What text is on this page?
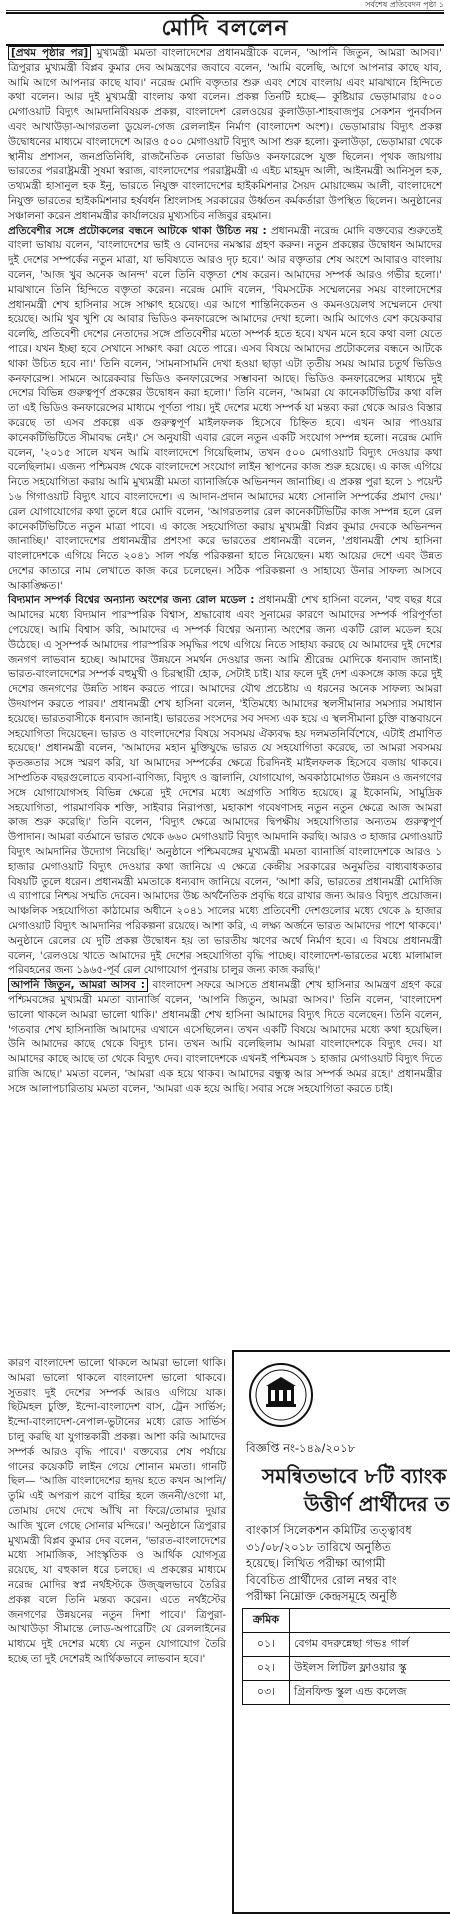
সর্বশেষ প্রতিবেদন পৃষ্ঠা ১
মোদি বললেন

[প্রথম পৃষ্ঠার পর] মুখ্যমন্ত্রী মমতা বাংলাদেশের প্রধানমন্ত্রীকে বলেন, 'আপনি জিতুন, আমরা আসব।' ত্রিপুরার মুখ্যমন্ত্রী বিপ্লব কুমার দেব আমন্ত্রণের জবাবে বলেন, 'আমি বলেছি, আগে আপনার কাছে যাব, আমি আগে আপনার কাছে যাব।' নরেন্দ্র মোদি বক্তৃতার শুরু এবং শেষে বাংলায় এবং মাঝখানে হিন্দিতে কথা বলেন। আর দুই মুখ্যমন্ত্রী বাংলায় কথা বলেন। প্রকল্প তিনটি হচ্ছে— কুষ্টিয়ার ভেড়ামারায় ৫০০ মেগাওয়াট বিদ্যুৎ আমদানিবিষয়ক প্রকল্প, বাংলাদেশ রেলওয়ের কুলাউড়া-শাহবাজপুর সেকশন পুনর্বাসন এবং আখাউড়া-আগরতলা ডুয়েল-গেজ রেললাইন নির্মাণ (বাংলাদেশ অংশ)। ভেড়ামারায় বিদ্যুৎ প্রকল্প উদ্বোধনের মাধ্যমে বাংলাদেশে আরও ৫০০ মেগাওয়াট বিদ্যুৎ আসা শুরু হলো। কুলাউড়া, ভেড়ামারা থেকে স্থানীয় প্রশাসন, জনপ্রতিনিধি, রাজনৈতিক নেতারা ভিডিও কনফারেন্সে যুক্ত ছিলেন। পৃথক জায়গায় ভারতের পররাষ্ট্রমন্ত্রী সুষমা স্বরাজ, বাংলাদেশের পররাষ্ট্রমন্ত্রী এ এইচ মাহমুদ আলী, আইনমন্ত্রী আনিসুল হক, তথ্যমন্ত্রী হাসানুল হক ইনু, ভারতে নিযুক্ত বাংলাদেশের হাইকমিশনার সৈয়দ মোয়াজ্জেম আলী, বাংলাদেশে নিযুক্ত ভারতের হাইকমিশনার হর্ষবর্ধন শ্রিংলাসহ সরকারের উর্ধ্বতন কর্মকর্তারা উপস্থিত ছিলেন। অনুষ্ঠানের সঞ্চালনা করেন প্রধানমন্ত্রীর কার্যালয়ের মুখ্যসচিব নজিবুর রহমান।

প্রতিবেশীর সঙ্গে প্রটোকলের বন্ধনে আটকে থাকা উচিত নয় : প্রধানমন্ত্রী নরেন্দ্র মোদি বক্তব্যের শুরুতেই বাংলা ভাষায় বলেন, 'বাংলাদেশের ভাই ও বোনদের নমস্কার গ্রহণ করুন। নতুন প্রকল্পের উদ্বোধন আমাদের দুই দেশের সম্পর্কের নতুন মাত্রা, যা ভবিষ্যতে আরও দৃঢ় হবে।' আর বক্তৃতার শেষ অংশে আবারও বাংলায় বলেন, 'আজ খুব অনেক আনন্দ' বলে তিনি বক্তৃতা শেষ করেন। আমাদের সম্পর্ক আরও গভীর হলো।' মাঝখানে তিনি হিন্দিতে বক্তৃতা করেন। নরেন্দ্র মোদি বলেন, 'বিমসটেক সম্মেলনের সময় বাংলাদেশের প্রধানমন্ত্রী শেখ হাসিনার সঙ্গে সাক্ষাৎ হয়েছে। এর আগে শান্তিনিকেতন ও কমনওয়েলথ সম্মেলনে দেখা হয়েছে। আমি খুব খুশি যে আবার ভিডিও কনফারেন্সে আমাদের দেখা হলো। আমি আগেও বেশ কয়েকবার বলেছি, প্রতিবেশী দেশের নেতাদের সঙ্গে প্রতিবেশীর মতো সম্পর্ক হতে হবে। যখন মনে হবে কথা বলা যেতে পারে। যখন ইচ্ছা হবে সেখানে সাক্ষাৎ করা যেতে পারে। এসব বিষয়ে আমাদের প্রটোকলের বন্ধনে আটকে থাকা উচিত হবে না।' তিনি বলেন, 'সামনাসামনি দেখা হওয়া ছাড়া এটা তৃতীয় সময় আমার চতুর্থ ভিডিও কনফারেন্স। সামনে আরেকবার ভিডিও কনফারেন্সের সম্ভাবনা আছে। ভিডিও কনফারেন্সের মাধ্যমে দুই দেশের বিভিন্ন গুরুত্বপূর্ণ প্রকল্পের উদ্বোধন করা হলো।' তিনি বলেন, 'আমরা যে কানেকটিভিটির কথা বলি তা এই ভিডিও কনফারেন্সের মাধ্যমে পূর্ণতা পায়। দুই দেশের মধ্যে সম্পর্ক যা মন্তব্য করা থেকে আরও বিস্তার করেছে তা এসব প্রকল্পে এক গুরুত্বপূর্ণ মাইলফলক হিসেবে চিহ্নিত হবে। এখন আর পাওয়ার কানেকটিভিটিতে সীমাবদ্ধ নেই।' সে অনুযায়ী এবার রেলে নতুন একটি সংযোগ সম্পন্ন হলো। নরেন্দ্র মোদি বলেন, '২০১৫ সালে যখন আমি বাংলাদেশে গিয়েছিলাম, তখন ৫০০ মেগাওয়াট বিদ্যুৎ দেওয়ার কথা বলেছিলাম। এজন্য পশ্চিমবঙ্গ থেকে বাংলাদেশে সংযোগ লাইন স্থাপনের কাজ শুরু হয়েছে। এ কাজ এগিয়ে নিতে সহযোগিতা করায় আমি মুখ্যমন্ত্রী মমতা ব্যানার্জিকে অভিনন্দন জানাচ্ছি। এ প্রকল্প পুরা হলে ১ পয়েন্ট ১৬ গিগাওয়াট বিদ্যুৎ যাবে বাংলাদেশে। এ আদান-প্রদান আমাদের মধ্যে সোনালি সম্পর্কের প্রমাণ দেয়।' রেল যোগাযোগের কথা তুলে ধরে মোদি বলেন, 'আগরতলার রেল কানেকটিভিটির কাজ সম্পন্ন হলে রেল কানেকটিভিটিতে নতুন মাত্রা পাবে। এ কাজে সহযোগিতা করায় মুখ্যমন্ত্রী বিপ্লব কুমার দেবকে অভিনন্দন জানাচ্ছি।' বাংলাদেশের প্রধানমন্ত্রীর প্রশংসা করে ভারতের প্রধানমন্ত্রী বলেন, 'প্রধানমন্ত্রী শেখ হাসিনা বাংলাদেশকে এগিয়ে নিতে ২০৪১ সাল পর্যন্ত পরিকল্পনা হাতে নিয়েছেন। মধ্য আয়ের দেশে এবং উন্নত দেশের কাতারে নাম লেখাতে কাজ করে চলেছেন। সঠিক পরিকল্পনা ও সাহায্যে উনার সাফল্য আসবে আকাঙ্ক্ষিত।'

বিদ্যমান সম্পর্ক বিশ্বের অন্যান্য অংশের জন্য রোল মডেল : প্রধানমন্ত্রী শেখ হাসিনা বলেন, 'বহু বছর ধরে আমাদের মধ্যে বিদ্যমান পারস্পরিক বিশ্বাস, শ্রদ্ধাবোধ এবং সুনামের কারণে আমাদের সম্পর্ক পরিপূর্ণতা পেয়েছে। আমি বিশ্বাস করি, আমাদের এ সম্পর্ক বিশ্বের অন্যান্য অংশের জন্য একটি রোল মডেল হয়ে উঠেছে। এ সুসম্পর্ক আমাদের পারস্পরিক সমৃদ্ধির পথে এগিয়ে নিতে সাহায্য করছে যে আমাদের দুই দেশের জনগণ লাভবান হচ্ছে। আমাদের উন্নয়নে সমর্থন দেওয়ার জন্য আমি শ্রীরেন্দ্র মোদিকে ধন্যবাদ জানাই। ভারত-বাংলাদেশের সম্পর্ক বহুমুখী ও চিরস্থায়ী হোক, সেটাই চাই। যার ফলে দুই দেশ একসঙ্গে কাজ করে দুই দেশের জনগণের উন্নতি সাধন করতে পারে। আমাদের যৌথ প্রচেষ্টায় এ ধরনের অনেক সাফল্য আমরা উদযাপন করতে পারব।' প্রধানমন্ত্রী শেখ হাসিনা বলেন, 'ইতিমধ্যে আমাদের স্থলসীমানার সমস্যার সমাধান হয়েছে। ভারতবাসীকে ধন্যবাদ জানাই। ভারতের সংসদের সব সদস্য এক হয়ে এ স্থলসীমানা চুক্তি বাস্তবায়নে সহযোগিতা দিয়েছেন। ভারত ও বাংলাদেশের বিষয়ে সবসময় ঐক্যবদ্ধ হয় দলমতনির্বিশেষে, এটাই প্রমাণিত হয়েছে।' প্রধানমন্ত্রী বলেন, 'আমাদের মহান মুক্তিযুদ্ধে ভারত যে সহযোগিতা করেছে, তা আমরা সবসময় কৃতজ্ঞতার সঙ্গে স্মরণ করি, যা আমাদের সম্পর্কের ক্ষেত্রে চিরদিনই মাইলফলক হিসেবে বজায় থাকবে। সাম্প্রতিক বছরগুলোতে ব্যবসা-বাণিজ্য, বিদ্যুৎ ও জ্বালানি, যোগাযোগ, অবকাঠামোগত উন্নয়ন ও জনগণের সঙ্গে যোগাযোগসহ বিভিন্ন ক্ষেত্রে দুই দেশের মধ্যে অগ্রগতি সাধিত হয়েছে। ব্লু ইকোনমি, সামুদ্রিক সহযোগিতা, পারমাণবিক শক্তি, সাইবার নিরাপত্তা, মহাকাশ গবেষণাসহ নতুন নতুন ক্ষেত্রে আজ আমরা কাজ শুরু করেছি।' তিনি বলেন, 'বিদ্যুৎ ক্ষেত্রে আমাদের দ্বিপক্ষীয় সহযোগিতার অন্যতম গুরুত্বপূর্ণ উপাদান। আমরা বর্তমানে ভারত থেকে ৬৬০ মেগাওয়াট বিদ্যুৎ আমদানি করছি। আরও ৩ হাজার মেগাওয়াট বিদ্যুৎ আমদানির উদ্যোগ নিয়েছি।' অনুষ্ঠানে পশ্চিমবঙ্গের মুখ্যমন্ত্রী মমতা ব্যানার্জি বাংলাদেশকে আরও ১ হাজার মেগাওয়াট বিদ্যুৎ দেওয়ার কথা জানিয়ে এ ক্ষেত্রে কেন্দ্রীয় সরকারের অনুমতির বাধ্যবাধকতার বিষয়টি তুলে ধরেন। প্রধানমন্ত্রী মমতাকে ধন্যবাদ জানিয়ে বলেন, 'আশা করি, ভারতের প্রধানমন্ত্রী মোদিজি এ ব্যাপারে নিশ্চয় সম্মতি দেবেন। আমাদের উচ্চ অর্থনৈতিক প্রবৃদ্ধি ধরে রাখার জন্য আরও বিদ্যুৎ প্রয়োজন। আঞ্চলিক সহযোগিতা কাঠামোর অধীনে ২০৪১ সালের মধ্যে প্রতিবেশী দেশগুলোর মধ্যে থেকে ৯ হাজার মেগাওয়াট বিদ্যুৎ আমদানির পরিকল্পনা রয়েছে। আশা করি, এ লক্ষ্য অর্জনে ভারত আমাদের পাশে থাকবে।' অনুষ্ঠানে রেলের যে দুটি প্রকল্প উদ্বোধন হয় তা ভারতীয় ঋণের অর্থে নির্মাণ হবে। এ বিষয়ে প্রধানমন্ত্রী বলেন, 'রেলওয়ে খাতে আমাদের দুই দেশের সহযোগিতা বৃদ্ধি পাচ্ছে। বাংলাদেশ-ভারতের মধ্যে মালামাল পরিবহনের জন্য ১৯৬৫-পূর্ব রেল যোগাযোগ পুনরায় চালুর জন্য কাজ করছি।'

আপনি জিতুন, আমরা আসব : বাংলাদেশ সফরে আসতে প্রধানমন্ত্রী শেখ হাসিনার আমন্ত্রণ গ্রহণ করে পশ্চিমবঙ্গের মুখ্যমন্ত্রী মমতা ব্যানার্জি বলেন, 'আপনি জিতুন, আমরা আসব।' তিনি বলেন, 'বাংলাদেশ ভালো থাকলে আমরা ভালো থাকি।' প্রধানমন্ত্রী শেখ হাসিনা আমাদের বিদ্যুৎ দিতে বলেছেন। তিনি বলেন, 'গতবার শেখ হাসিনাজি আমাদের এখানে এসেছিলেন। তখন একটি বিষয়ে আমাদের মধ্যে কথা হয়েছিল। উনি আমাদের কাছে থেকে বিদ্যুৎ চান। তখন আমি বলেছিলাম আমরা বাংলাদেশকে বিদ্যুৎ দেব। যা আমাদের কাছে আছে তা থেকে বিদ্যুৎ দেব। বাংলাদেশকে এখনই পশ্চিমবঙ্গ ১ হাজার মেগাওয়াট বিদ্যুৎ দিতে রাজি আছে।' মমতা বলেন, 'আমরা এক হয়ে থাকব। আমাদের বন্ধুত্ব আর সম্পর্ক অমর রহে।' প্রধানমন্ত্রীর সঙ্গে আলাপচারিতায় মমতা বলেন, 'আমরা এক হয়ে আছি। সবার সঙ্গে সহযোগিতা করতে চাই।

কারণ বাংলাদেশ ভালো থাকলে আমরা ভালো থাকি। আমরা ভালো থাকলে বাংলাদেশ ভালো থাকবে। সুতরাং দুই দেশের সম্পর্ক আরও এগিয়ে যাক। ছিটমহল চুক্তি, ইন্দো-বাংলাদেশ বাস, ট্রেন সার্ভিস; ইন্দো-বাংলাদেশ-নেপাল-ভুটানের মধ্যে রোড সার্ভিস চালু করছি যা যুগান্তকারী প্রকল্প। আশা করি আমাদের সম্পর্ক আরও বৃদ্ধি পাবে।' বক্তব্যের শেষ পর্যায়ে গানের কয়েকটি লাইন গেয়ে শোনান মমতা। গানটি ছিল— 'আজি বাংলাদেশের হৃদয় হতে কখন আপনি/তুমি এই অপরূপ রূপে বাহির হলে জননী/ওগো মা, তোমায় দেখে দেখে আঁখি না ফিরে/তোমার দুয়ার আজি খুলে গেছে সোনার মন্দিরে।' অনুষ্ঠানে ত্রিপুরার মুখ্যমন্ত্রী বিপ্লব কুমার দেব বলেন, 'ভারত-বাংলাদেশের মধ্যে সামাজিক, সাংস্কৃতিক ও আর্থিক যোগসূত্র রয়েছে, যা বহুকাল ধরে চলছে। এ প্রকল্পের মাধ্যমে নরেন্দ্র মোদির স্বপ্ন নর্থইস্টকে উজ্জ্বলভাবে তৈরির প্রকল্প বলে তিনি মন্তব্য করেন। এতে নর্থইস্টের জনগণের উন্নয়নের নতুন দিশা পাবে।' ত্রিপুরা-আখাউড়া সীমান্তে লোড-অপারেটিং যে রেললাইনের মাধ্যমে দুই দেশের মধ্যে যে নতুন যোগাযোগ তৈরি হচ্ছে তা দুই দেশেরই আর্থিকভাবে লাভবান হবে।'

বিজ্ঞপ্তি নং-১৪৯/২০১৮
সমন্বিতভাবে ৮টি ব্যাংক
উত্তীর্ণ প্রার্থীদের ত
বাংকার্স সিলেকশন কমিটির তত্ত্বাবধ
৩১/০৮/২০১৮ তারিখে অনুষ্ঠিত
হয়েছে। লিখিত পরীক্ষা আগামী
বিবেচিত প্রার্থীদের রোল নম্বর বাং
পরীক্ষা নিম্নোক্ত কেন্দ্রসমূহে অনুষ্ঠি
ক্রমিক	
০১।	বেগম বদরুন্নেছা গভঃ গার্ল
০২।	উইলস লিটিল ফ্লাওয়ার স্কু
০৩।	গ্রিনফিল্ড স্কুল এন্ড কলেজ
